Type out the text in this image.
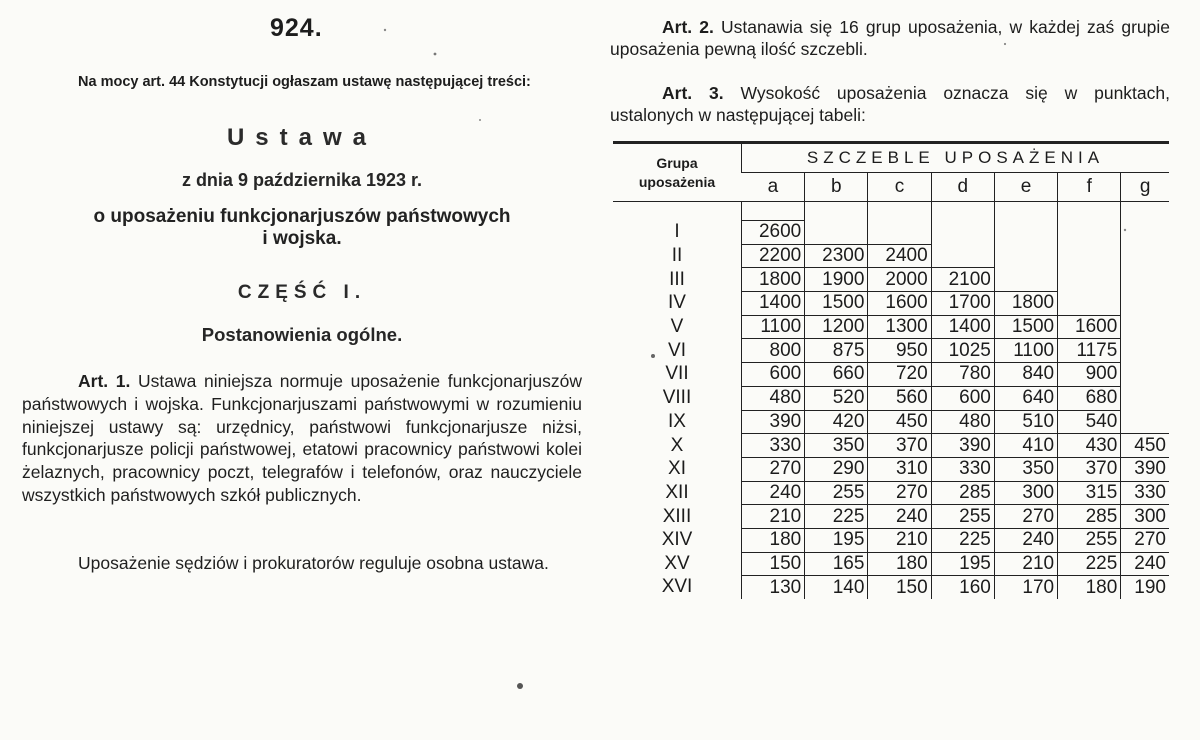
924.
Na mocy art. 44 Konstytucji ogłaszam ustawę następującej treści:
Ustawa
z dnia 9 października 1923 r.
o uposażeniu funkcjonarjuszów państwowych
i wojska.
CZĘŚĆ I.
Postanowienia ogólne.
Art. 1. Ustawa niniejsza normuje uposażenie funkcjonarjuszów państwowych i wojska. Funkcjonarjuszami państwowymi w rozumieniu niniejszej ustawy są: urzędnicy, państwowi funkcjonarjusze niżsi, funkcjonarjusze policji państwowej, etatowi pracownicy państwowi kolei żelaznych, pracownicy poczt, telegrafów i telefonów, oraz nauczyciele wszystkich państwowych szkół publicznych.
Uposażenie sędziów i prokuratorów reguluje osobna ustawa.
Art. 2. Ustanawia się 16 grup uposażenia, w każdej zaś grupie uposażenia pewną ilość szczebli.
Art. 3. Wysokość uposażenia oznacza się w punktach, ustalonych w następującej tabeli:
Grupa
uposażenia	SZCZEBLE UPOSAŻENIA						
	a	b	c	d	e	f	g

I	2600						
II	2200	2300	2400				
III	1800	1900	2000	2100			
IV	1400	1500	1600	1700	1800		
V	1100	1200	1300	1400	1500	1600	
VI	800	875	950	1025	1100	1175	
VII	600	660	720	780	840	900	
VIII	480	520	560	600	640	680	
IX	390	420	450	480	510	540	
X	330	350	370	390	410	430	450
XI	270	290	310	330	350	370	390
XII	240	255	270	285	300	315	330
XIII	210	225	240	255	270	285	300
XIV	180	195	210	225	240	255	270
XV	150	165	180	195	210	225	240
XVI	130	140	150	160	170	180	190
